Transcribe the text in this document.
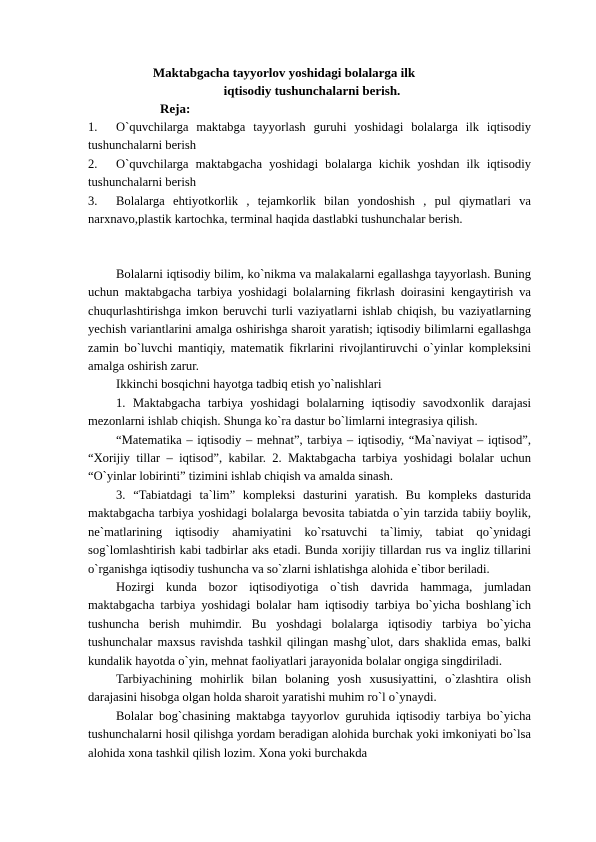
Maktabgacha tayyorlov yoshidagi bolalarga ilk
iqtisodiy tushunchalarni berish.
Reja:
1. O`quvchilarga maktabga tayyorlash guruhi yoshidagi bolalarga ilk iqtisodiy tushunchalarni berish
2. O`quvchilarga maktabgacha yoshidagi bolalarga kichik yoshdan ilk iqtisodiy tushunchalarni berish
3. Bolalarga ehtiyotkorlik , tejamkorlik bilan yondoshish , pul qiymatlari va narxnavo,plastik kartochka, terminal haqida dastlabki tushunchalar berish.

Bolalarni iqtisodiy bilim, ko`nikma va malakalarni egallashga tayyorlash. Buning uchun maktabgacha tarbiya yoshidagi bolalarning fikrlash doirasini kengaytirish va chuqurlashtirishga imkon beruvchi turli vaziyatlarni ishlab chiqish, bu vaziyatlarning yechish variantlarini amalga oshirishga sharoit yaratish; iqtisodiy bilimlarni egallashga zamin bo`luvchi mantiqiy, matematik fikrlarini rivojlantiruvchi o`yinlar kompleksini amalga oshirish zarur.

Ikkinchi bosqichni hayotga tadbiq etish yo`nalishlari

1. Maktabgacha tarbiya yoshidagi bolalarning iqtisodiy savodxonlik darajasi mezonlarni ishlab chiqish. Shunga ko`ra dastur bo`limlarni integrasiya qilish.

“Matematika – iqtisodiy – mehnat”, tarbiya – iqtisodiy, “Ma`naviyat – iqtisod”, “Xorijiy tillar – iqtisod”, kabilar. 2. Maktabgacha tarbiya yoshidagi bolalar uchun “O`yinlar lobirinti” tizimini ishlab chiqish va amalda sinash.

3. “Tabiatdagi ta`lim” kompleksi dasturini yaratish. Bu kompleks dasturida maktabgacha tarbiya yoshidagi bolalarga bevosita tabiatda o`yin tarzida tabiiy boylik, ne`matlarining iqtisodiy ahamiyatini ko`rsatuvchi ta`limiy, tabiat qo`ynidagi sog`lomlashtirish kabi tadbirlar aks etadi. Bunda xorijiy tillardan rus va ingliz tillarini o`rganishga iqtisodiy tushuncha va so`zlarni ishlatishga alohida e`tibor beriladi.

Hozirgi kunda bozor iqtisodiyotiga o`tish davrida hammaga, jumladan maktabgacha tarbiya yoshidagi bolalar ham iqtisodiy tarbiya bo`yicha boshlang`ich tushuncha berish muhimdir. Bu yoshdagi bolalarga iqtisodiy tarbiya bo`yicha tushunchalar maxsus ravishda tashkil qilingan mashg`ulot, dars shaklida emas, balki kundalik hayotda o`yin, mehnat faoliyatlari jarayonida bolalar ongiga singdiriladi.

Tarbiyachining mohirlik bilan bolaning yosh xususiyattini, o`zlashtira olish darajasini hisobga olgan holda sharoit yaratishi muhim ro`l o`ynaydi.

Bolalar bog`chasining maktabga tayyorlov guruhida iqtisodiy tarbiya bo`yicha tushunchalarni hosil qilishga yordam beradigan alohida burchak yoki imkoniyati bo`lsa alohida xona tashkil qilish lozim. Xona yoki burchakda
